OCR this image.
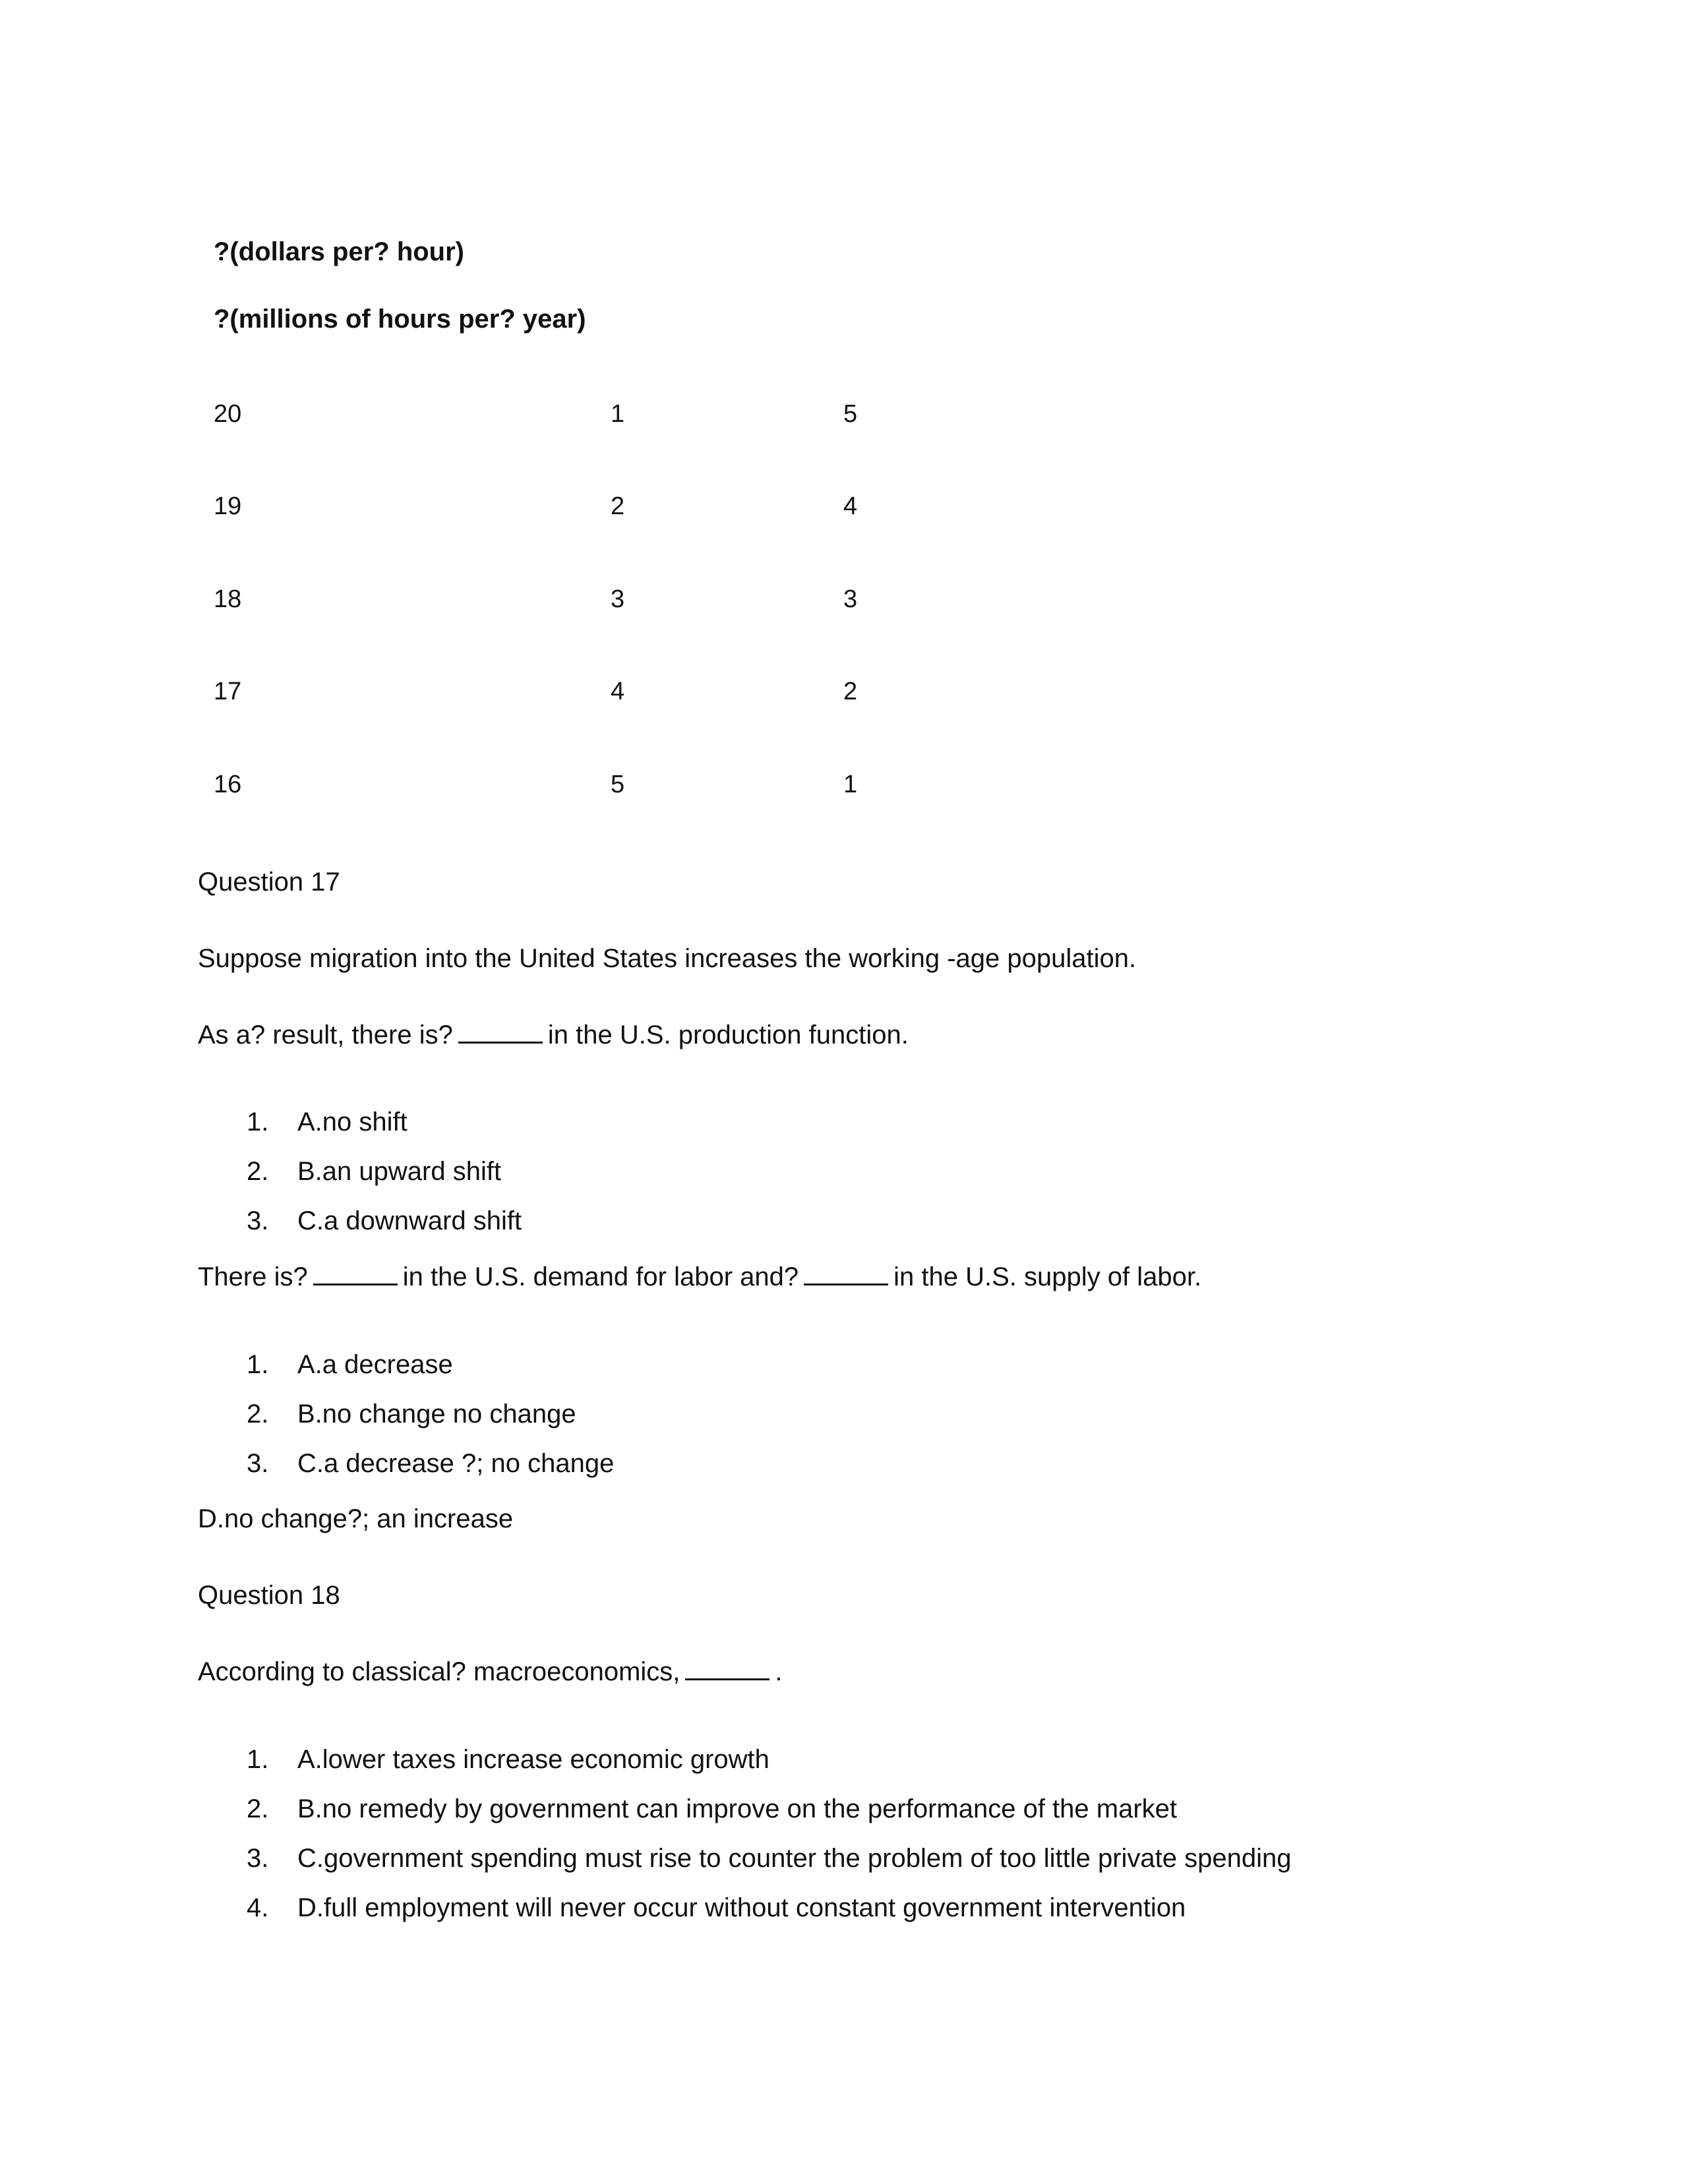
?(dollars per? hour)
?(millions of hours per? year)
20	1	5
19	2	4
18	3	3
17	4	2
16	5	1
Question 17
Suppose migration into the United States increases the working -age population.
As a? result, there is?	in the U.S. production function.
1. A.no shift
2. B.an upward shift
3. C.a downward shift
There is?	in the U.S. demand for labor and?	in the U.S. supply of labor.
1. A.a decrease
2. B.no change no change
3. C.a decrease ?; no change
D.no change?; an increase
Question 18
According to classical? macroeconomics,	.
1. A.lower taxes increase economic growth
2. B.no remedy by government can improve on the performance of the market
3. C.government spending must rise to counter the problem of too little private spending
4. D.full employment will never occur without constant government intervention
